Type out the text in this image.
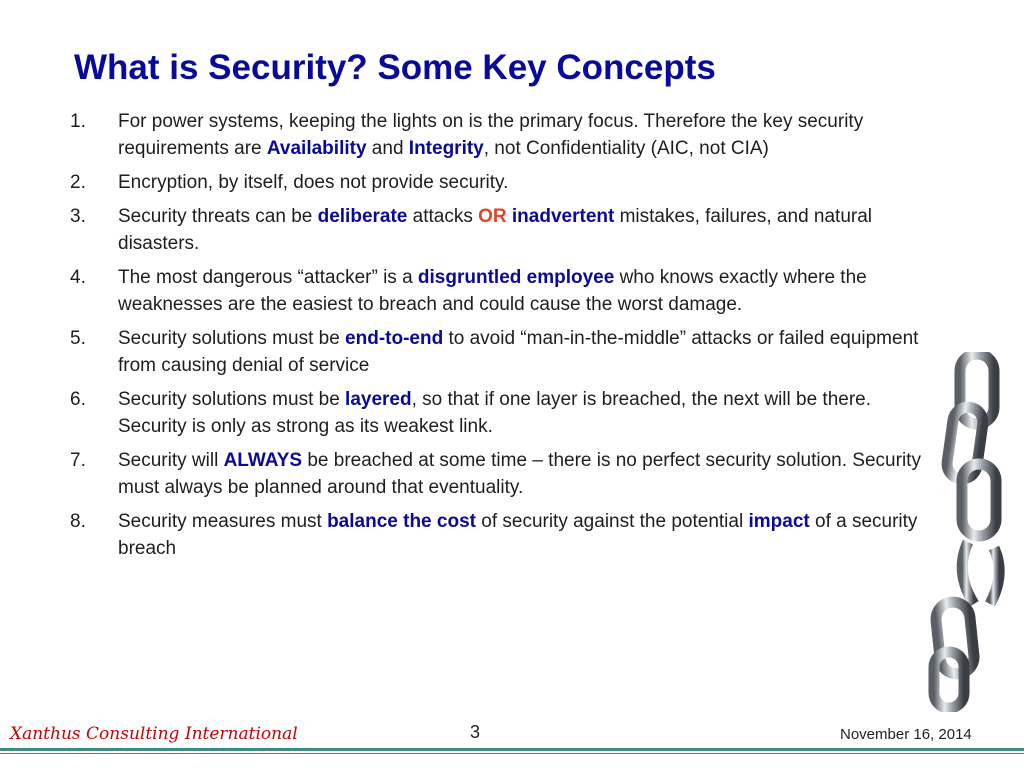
What is Security? Some Key Concepts
1. For power systems, keeping the lights on is the primary focus. Therefore the key security requirements are Availability and Integrity, not Confidentiality (AIC, not CIA)
2. Encryption, by itself, does not provide security.
3. Security threats can be deliberate attacks OR inadvertent mistakes, failures, and natural disasters.
4. The most dangerous “attacker” is a disgruntled employee who knows exactly where the weaknesses are the easiest to breach and could cause the worst damage.
5. Security solutions must be end-to-end to avoid “man-in-the-middle” attacks or failed equipment from causing denial of service
6. Security solutions must be layered, so that if one layer is breached, the next will be there. Security is only as strong as its weakest link.
7. Security will ALWAYS be breached at some time – there is no perfect security solution. Security must always be planned around that eventuality.
8. Security measures must balance the cost of security against the potential impact of a security breach
Xanthus Consulting International	3	November 16, 2014
